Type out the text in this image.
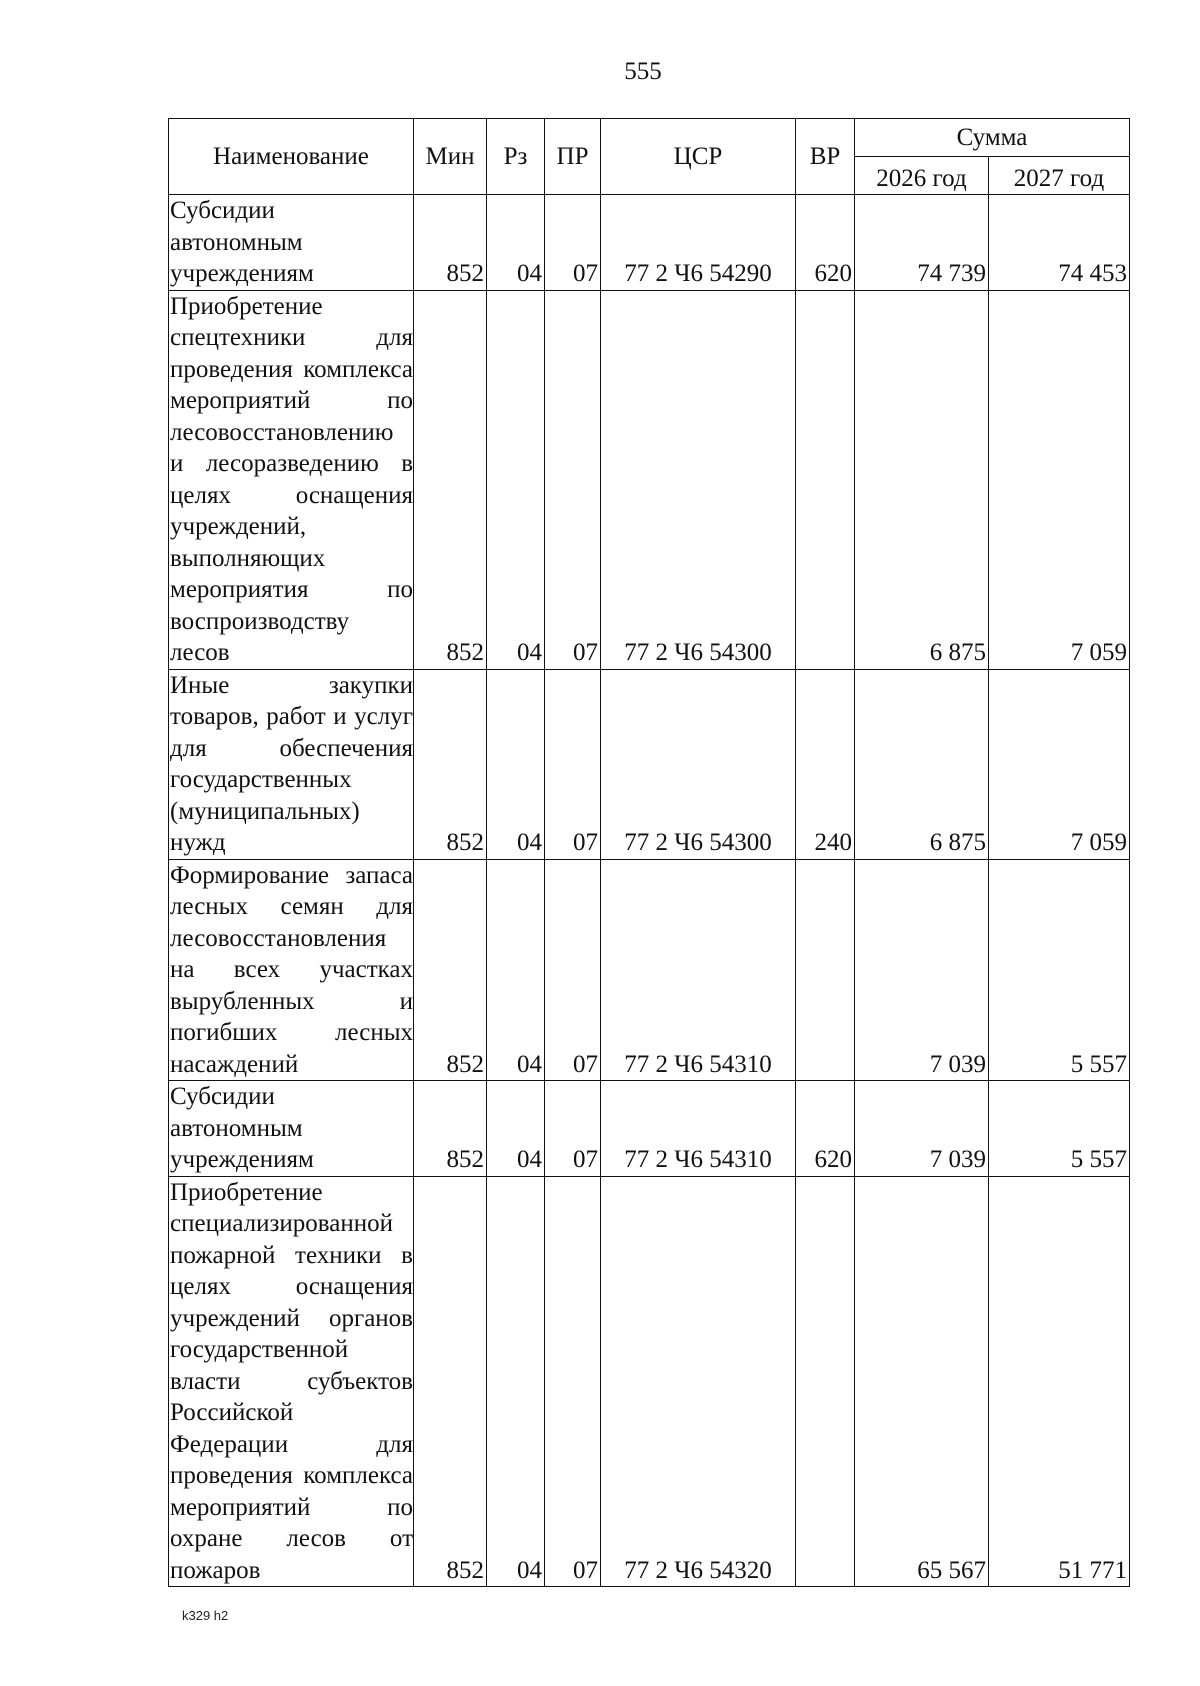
555
Наименование	Мин	Рз	ПР	ЦСР	ВР	Сумма	
						2026 год	2027 год
Субсидии автономным учреждениям	852	04	07	77 2 Ч6 54290	620	74 739	74 453
Приобретение спецтехники для проведения комплекса мероприятий по лесовосстановлению и лесоразведению в целях оснащения учреждений, выполняющих мероприятия по воспроизводству лесов	852	04	07	77 2 Ч6 54300		6 875	7 059
Иные закупки товаров, работ и услуг для обеспечения государственных (муниципальных) нужд	852	04	07	77 2 Ч6 54300	240	6 875	7 059
Формирование запаса лесных семян для лесовосстановления на всех участках вырубленных и погибших лесных насаждений	852	04	07	77 2 Ч6 54310		7 039	5 557
Субсидии автономным учреждениям	852	04	07	77 2 Ч6 54310	620	7 039	5 557
Приобретение специализированной пожарной техники в целях оснащения учреждений органов государственной власти субъектов Российской Федерации для проведения комплекса мероприятий по охране лесов от пожаров	852	04	07	77 2 Ч6 54320		65 567	51 771
k329 h2
